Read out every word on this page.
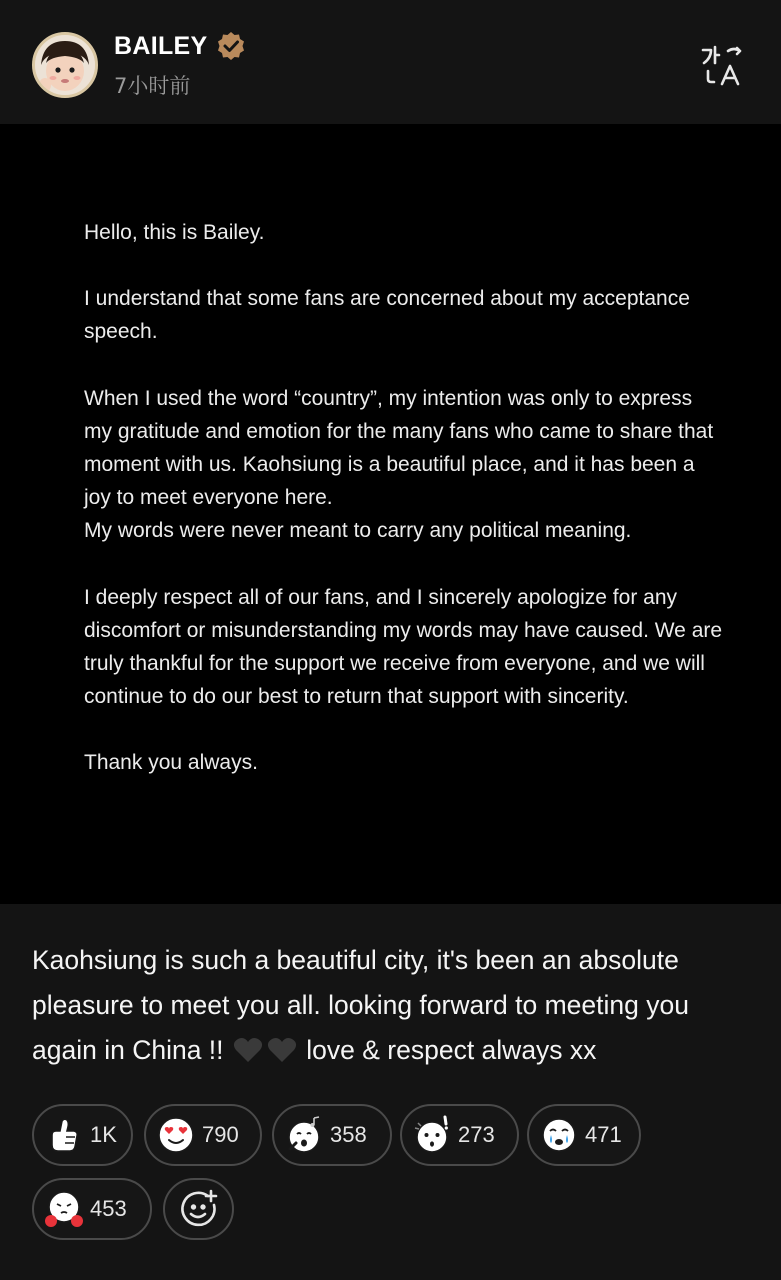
BAILEY
7小时前

Hello, this is Bailey.

I understand that some fans are concerned about my acceptance speech.

When I used the word “country”, my intention was only to express my gratitude and emotion for the many fans who came to share that moment with us. Kaohsiung is a beautiful place, and it has been a joy to meet everyone here.

My words were never meant to carry any political meaning.

I deeply respect all of our fans, and I sincerely apologize for any discomfort or misunderstanding my words may have caused. We are truly thankful for the support we receive from everyone, and we will continue to do our best to return that support with sincerity.

Thank you always.

Kaohsiung is such a beautiful city, it's been an absolute pleasure to meet you all. looking forward to meeting you again in China !!	love & respect always xx
1K	790	358	273	471
453
